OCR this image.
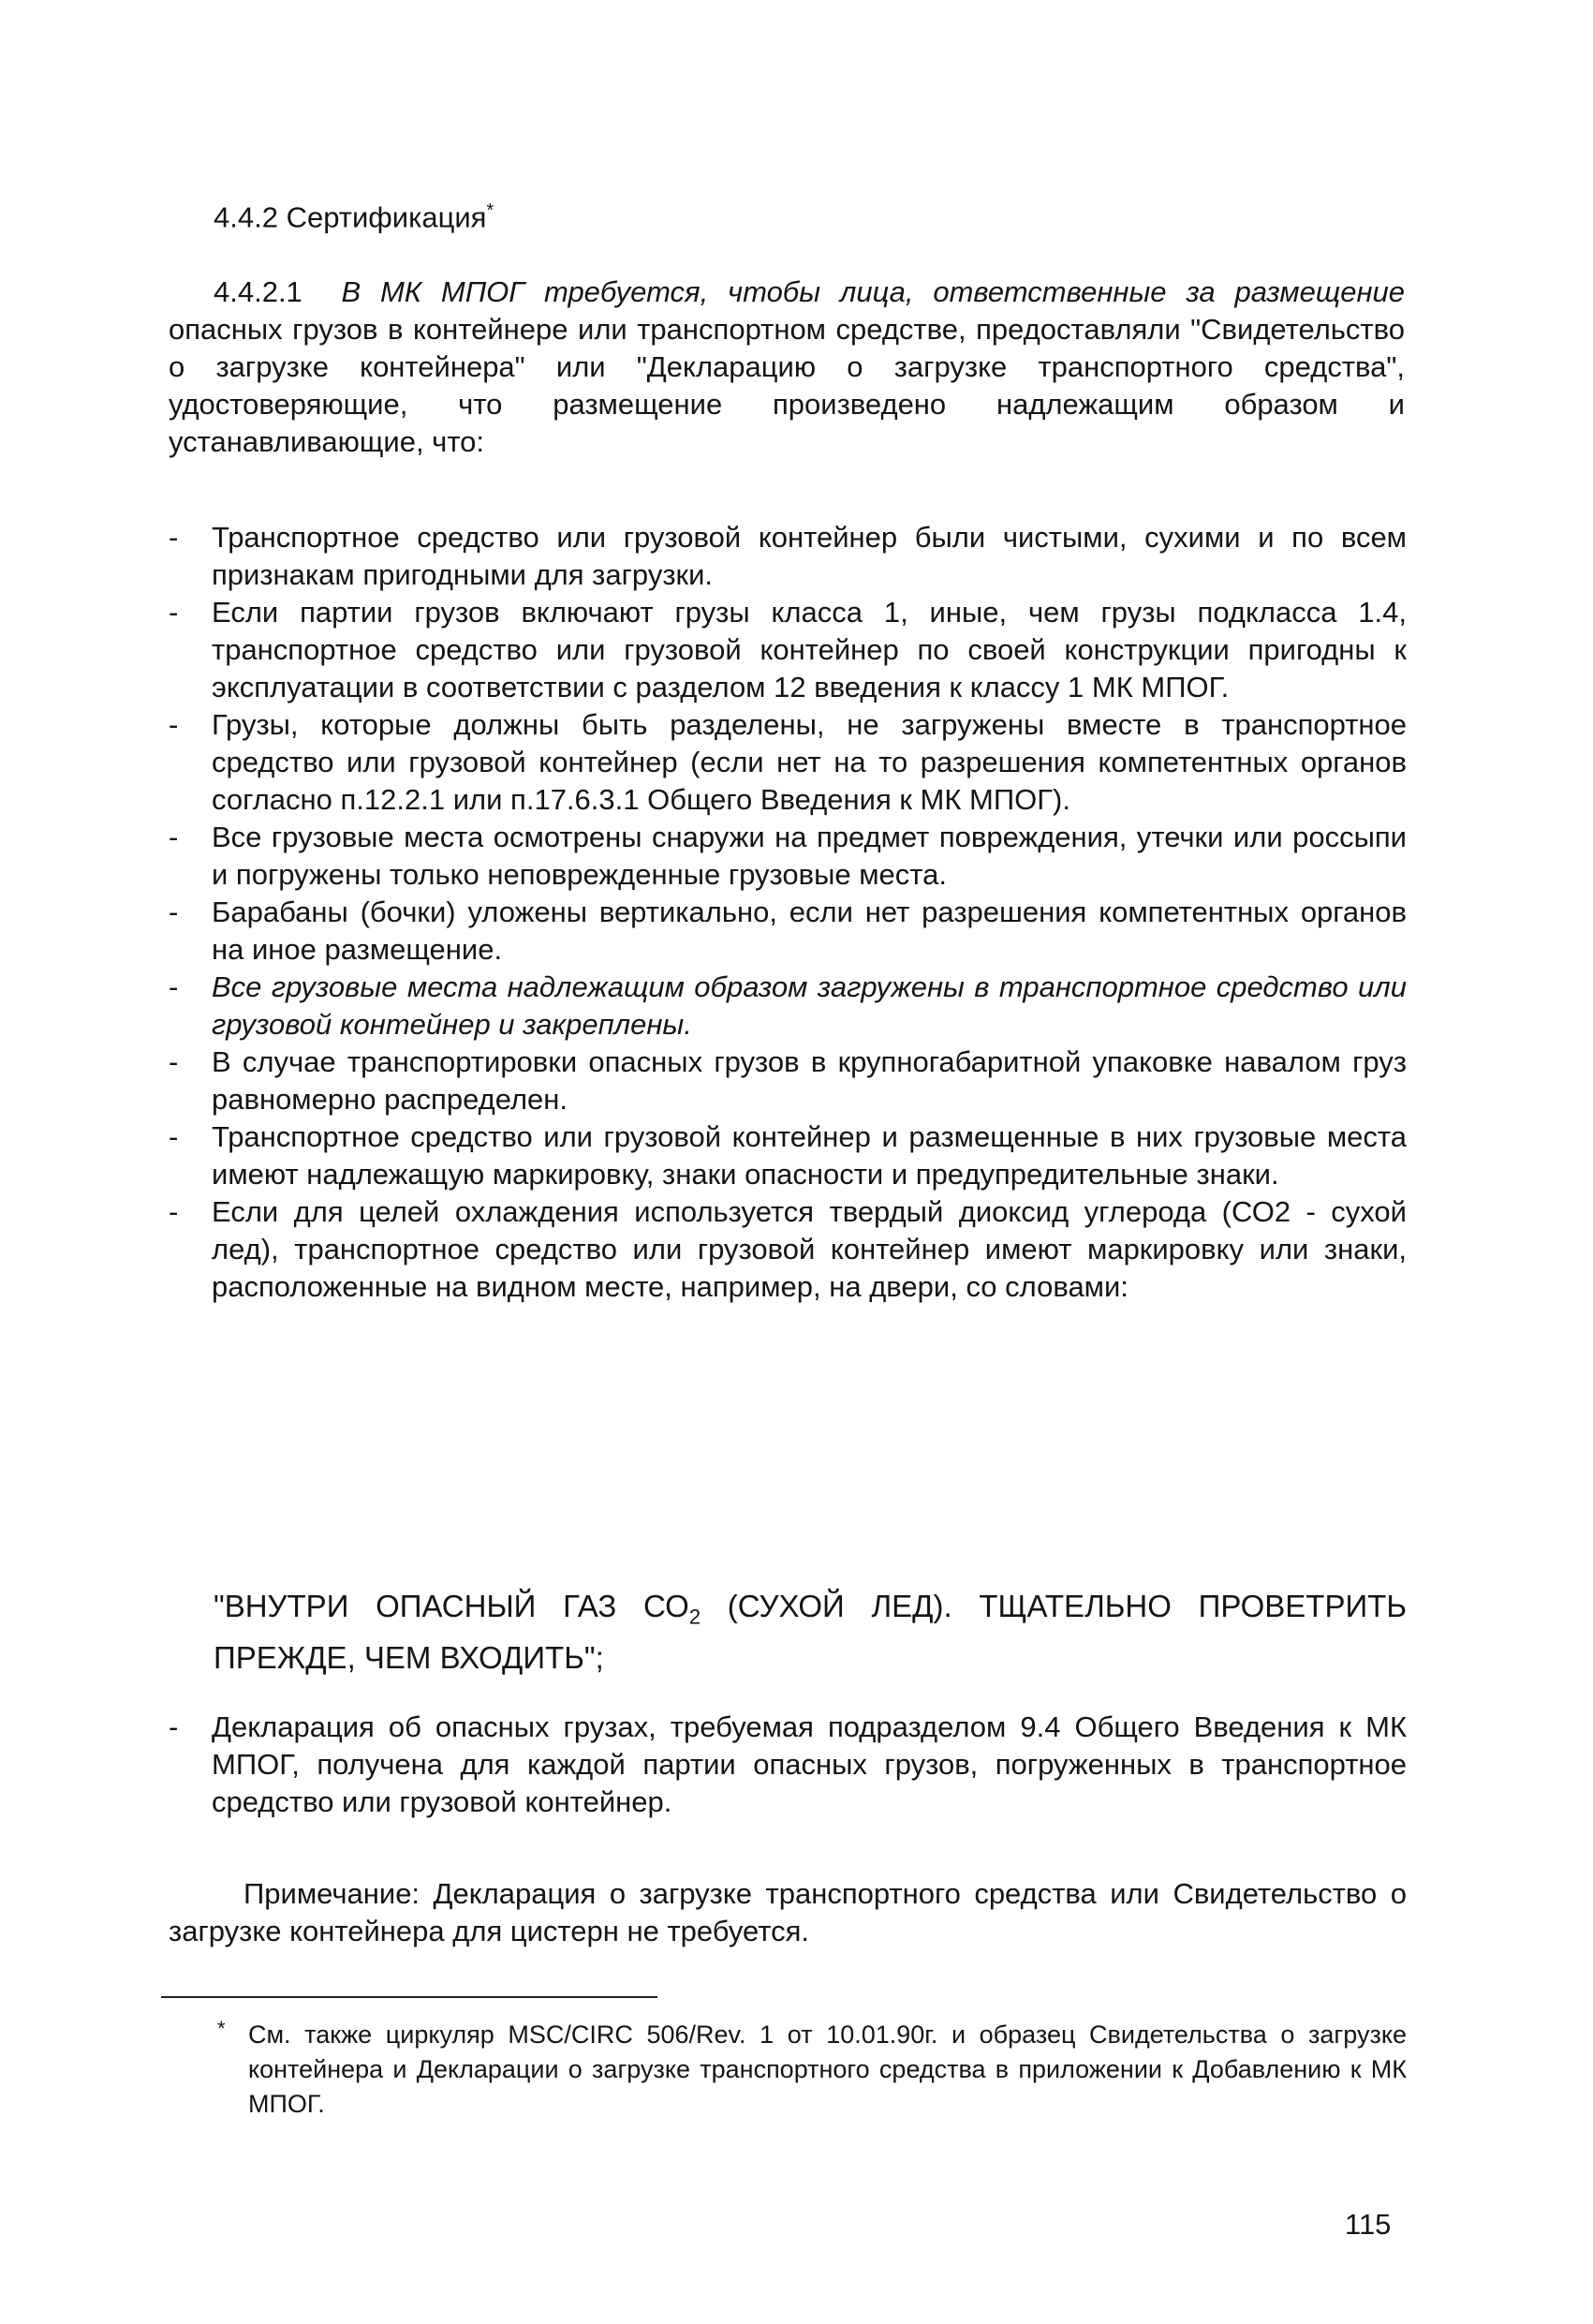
4.4.2 Сертификация*

4.4.2.1 В МК МПОГ требуется, чтобы лица, ответственные за размещение опасных грузов в контейнере или транспортном средстве, предоставляли "Свидетельство о загрузке контейнера" или "Декларацию о загрузке транспортного средства", удостоверяющие, что размещение произведено надлежащим образом и устанавливающие, что:

- Транспортное средство или грузовой контейнер были чистыми, сухими и по всем признакам пригодными для загрузки.
- Если партии грузов включают грузы класса 1, иные, чем грузы подкласса 1.4, транспортное средство или грузовой контейнер по своей конструкции пригодны к эксплуатации в соответствии с разделом 12 введения к классу 1 МК МПОГ.
- Грузы, которые должны быть разделены, не загружены вместе в транспортное средство или грузовой контейнер (если нет на то разрешения компетентных органов согласно п.12.2.1 или п.17.6.3.1 Общего Введения к МК МПОГ).
- Все грузовые места осмотрены снаружи на предмет повреждения, утечки или россыпи и погружены только неповрежденные грузовые места.
- Барабаны (бочки) уложены вертикально, если нет разрешения компетентных органов на иное размещение.
- Все грузовые места надлежащим образом загружены в транспортное средство или грузовой контейнер и закреплены.
- В случае транспортировки опасных грузов в крупногабаритной упаковке навалом груз равномерно распределен.
- Транспортное средство или грузовой контейнер и размещенные в них грузовые места имеют надлежащую маркировку, знаки опасности и предупредительные знаки.
- Если для целей охлаждения используется твердый диоксид углерода (СО2 - сухой лед), транспортное средство или грузовой контейнер имеют маркировку или знаки, расположенные на видном месте, например, на двери, со словами:

"ВНУТРИ ОПАСНЫЙ ГАЗ $СО_2$ (СУХОЙ ЛЕД). ТЩАТЕЛЬНО ПРОВЕТРИТЬ ПРЕЖДЕ, ЧЕМ ВХОДИТЬ";

- Декларация об опасных грузах, требуемая подразделом 9.4 Общего Введения к МК МПОГ, получена для каждой партии опасных грузов, погруженных в транспортное средство или грузовой контейнер.

Примечание: Декларация о загрузке транспортного средства или Свидетельство о загрузке контейнера для цистерн не требуется.

* См. также циркуляр MSC/CIRC 506/Rev. 1 от 10.01.90г. и образец Свидетельства о загрузке контейнера и Декларации о загрузке транспортного средства в приложении к Добавлению к МК МПОГ.

115
